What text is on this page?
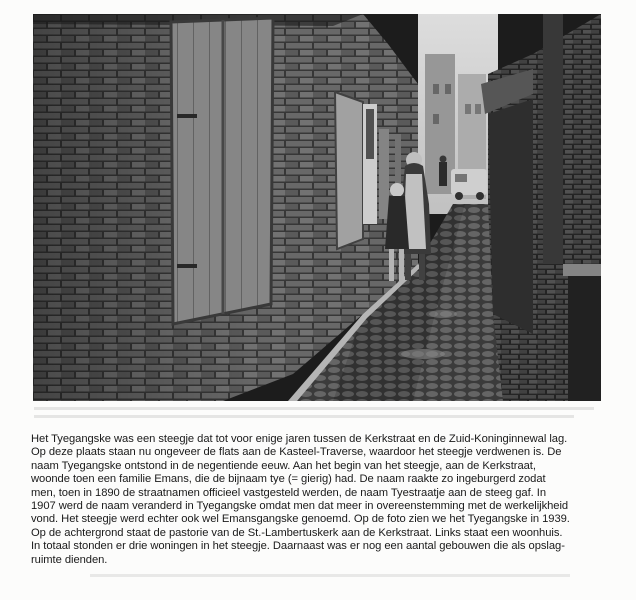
Het Tyegangske was een steegje dat tot voor enige jaren tussen de Kerkstraat en de Zuid-Koninginnewal lag.
Op deze plaats staan nu ongeveer de flats aan de Kasteel-Traverse, waardoor het steegje verdwenen is. De
naam Tyegangske ontstond in de negentiende eeuw. Aan het begin van het steegje, aan de Kerkstraat,
woonde toen een familie Emans, die de bijnaam tye (= gierig) had. De naam raakte zo ingeburgerd zodat
men, toen in 1890 de straatnamen officieel vastgesteld werden, de naam Tyestraatje aan de steeg gaf. In
1907 werd de naam veranderd in Tyegangske omdat men dat meer in overeenstemming met de werkelijkheid
vond. Het steegje werd echter ook wel Emansgangske genoemd. Op de foto zien we het Tyegangske in 1939.
Op de achtergrond staat de pastorie van de St.-Lambertuskerk aan de Kerkstraat. Links staat een woonhuis.
In totaal stonden er drie woningen in het steegje. Daarnaast was er nog een aantal gebouwen die als opslag-
ruimte dienden.
